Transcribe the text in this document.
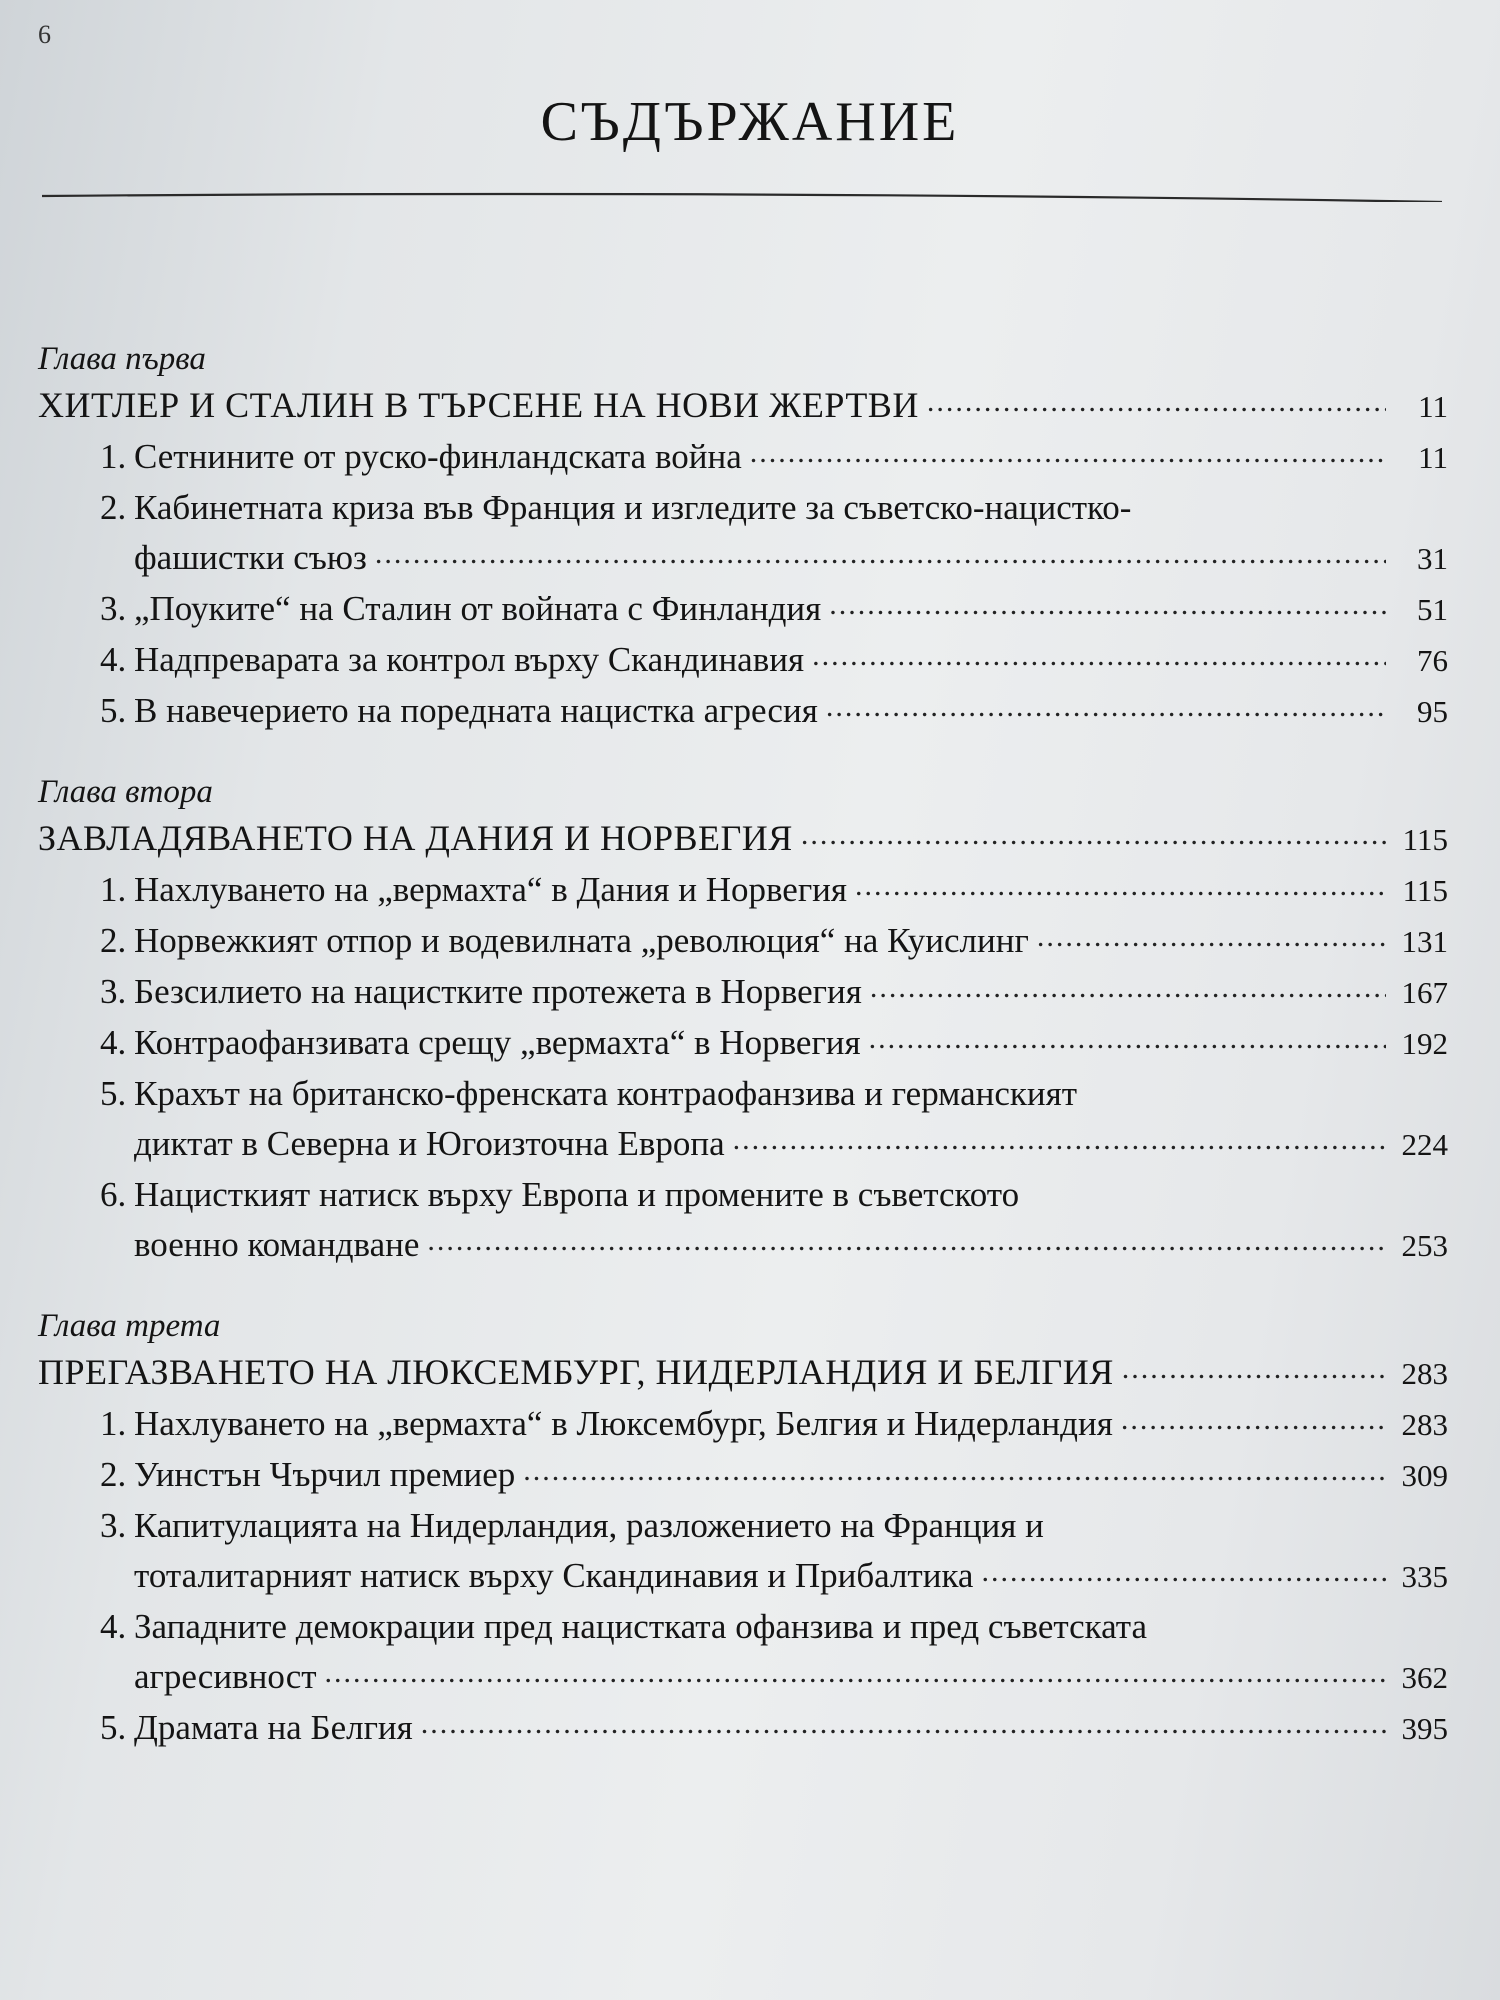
6
СЪДЪРЖАНИЕ
Глава първа
ХИТЛЕР И СТАЛИН В ТЪРСЕНЕ НА НОВИ ЖЕРТВИ .....	11
1. Сетнините от руско-финландската война .....	11
2. Кабинетната криза във Франция и изгледите за съветско-нацистко-
фашистки съюз .....	31
3. „Поуките“ на Сталин от войната с Финландия .....	51
4. Надпреварата за контрол върху Скандинавия .....	76
5. В навечерието на поредната нацистка агресия .....	95
Глава втора
ЗАВЛАДЯВАНЕТО НА ДАНИЯ И НОРВЕГИЯ .....	115
1. Нахлуването на „вермахта“ в Дания и Норвегия .....	115
2. Норвежкият отпор и водевилната „революция“ на Куислинг .....	131
3. Безсилието на нацистките протежета в Норвегия .....	167
4. Контраофанзивата срещу „вермахта“ в Норвегия .....	192
5. Крахът на британско-френската контраофанзива и германският
диктат в Северна и Югоизточна Европа .....	224
6. Нацисткият натиск върху Европа и промените в съветското
военно командване .....	253
Глава трета
ПРЕГАЗВАНЕТО НА ЛЮКСЕМБУРГ, НИДЕРЛАНДИЯ И БЕЛГИЯ .....	283
1. Нахлуването на „вермахта“ в Люксембург, Белгия и Нидерландия .....	283
2. Уинстън Чърчил премиер .....	309
3. Капитулацията на Нидерландия, разложението на Франция и
тоталитарният натиск върху Скандинавия и Прибалтика .....	335
4. Западните демокрации пред нацистката офанзива и пред съветската
агресивност .....	362
5. Драмата на Белгия .....	395
